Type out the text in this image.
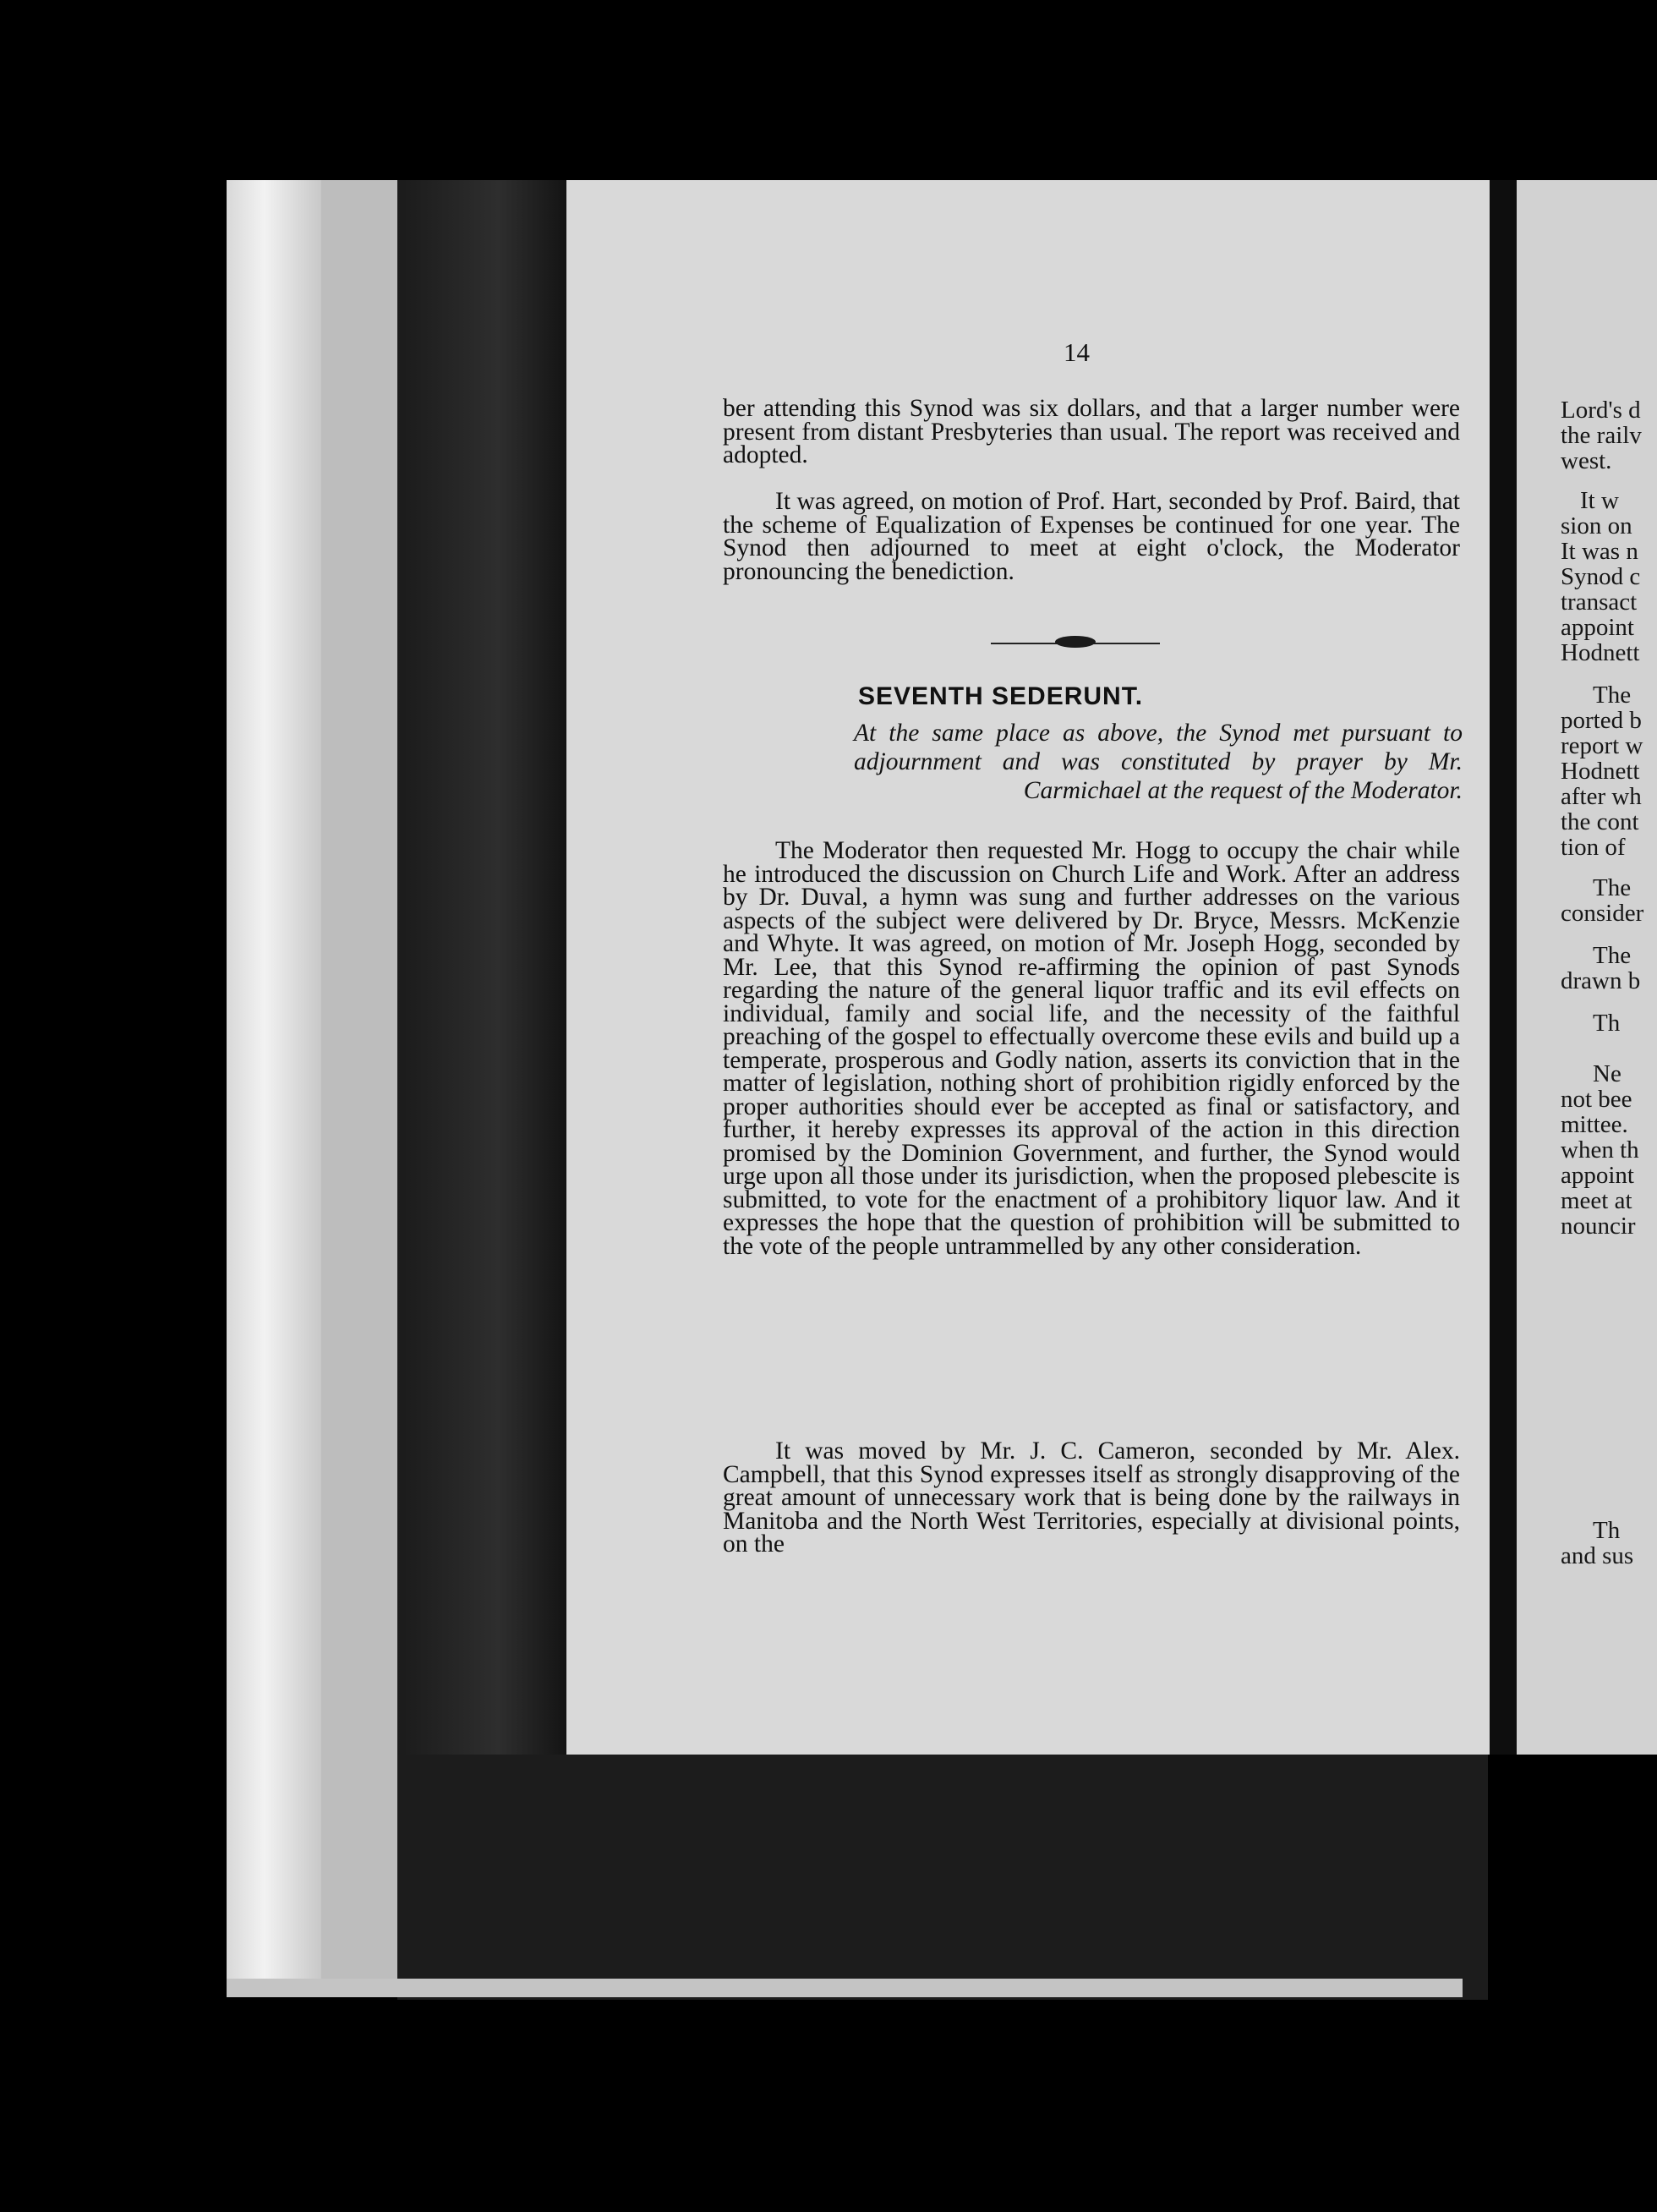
14

ber attending this Synod was six dollars, and that a larger number were present from distant Presbyteries than usual. The report was received and adopted.

It was agreed, on motion of Prof. Hart, seconded by Prof. Baird, that the scheme of Equalization of Expenses be continued for one year. The Synod then adjourned to meet at eight o'clock, the Moderator pronouncing the benediction.

SEVENTH SEDERUNT.

At the same place as above, the Synod met pursuant to adjournment and was constituted by prayer by Mr. Carmichael at the request of the Moderator.

The Moderator then requested Mr. Hogg to occupy the chair while he introduced the discussion on Church Life and Work. After an address by Dr. Duval, a hymn was sung and further addresses on the various aspects of the subject were delivered by Dr. Bryce, Messrs. McKenzie and Whyte. It was agreed, on motion of Mr. Joseph Hogg, seconded by Mr. Lee, that this Synod re-affirming the opinion of past Synods regarding the nature of the general liquor traffic and its evil effects on individual, family and social life, and the necessity of the faithful preaching of the gospel to effectually overcome these evils and build up a temperate, prosperous and Godly nation, asserts its conviction that in the matter of legislation, nothing short of prohibition rigidly enforced by the proper authorities should ever be accepted as final or satisfactory, and further, it hereby expresses its approval of the action in this direction promised by the Dominion Government, and further, the Synod would urge upon all those under its jurisdiction, when the proposed plebescite is submitted, to vote for the enactment of a prohibitory liquor law. And it expresses the hope that the question of prohibition will be submitted to the vote of the people untrammelled by any other consideration.

It was moved by Mr. J. C. Cameron, seconded by Mr. Alex. Campbell, that this Synod expresses itself as strongly disapproving of the great amount of unnecessary work that is being done by the railways in Manitoba and the North West Territories, especially at divisional points, on the

Lord's d
the railv
west.
It w
sion on
It was n
Synod c
transact
appoint
Hodnett
The
ported b
report w
Hodnett
after wh
the cont
tion of
The
consider
The
drawn b
Th
Ne
not bee
mittee.
when th
appoint
meet at
nouncir
Th
and sus
